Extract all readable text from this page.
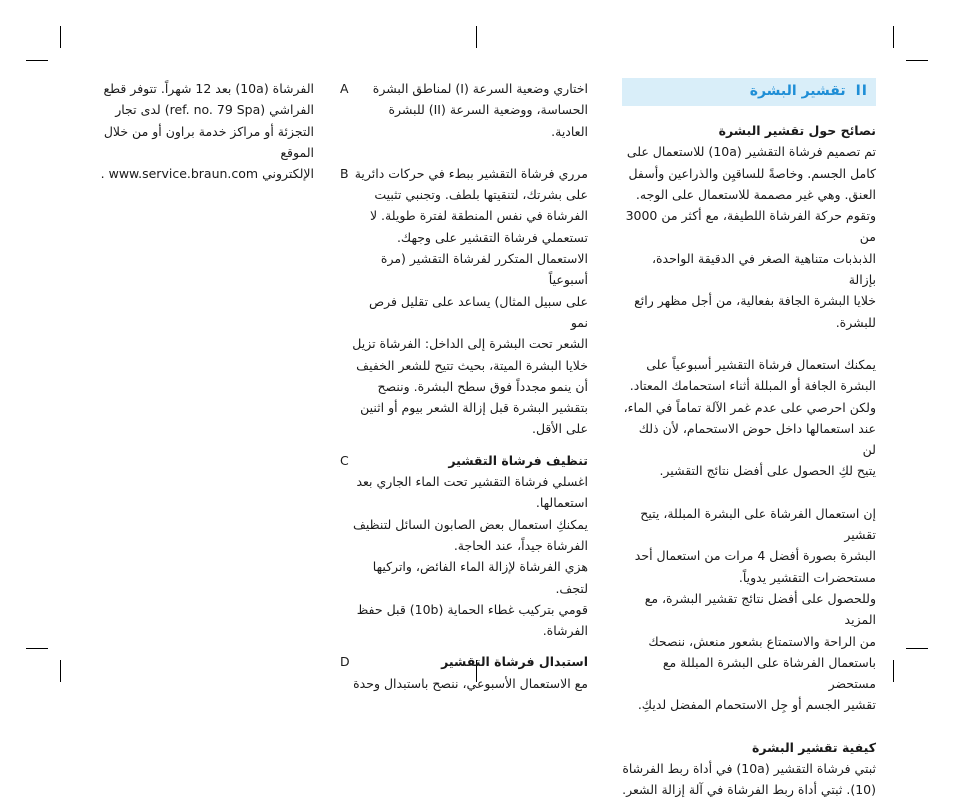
II
تقشير البشرة

نصائح حول تقشير البشرة

تم تصميم فرشاة التقشير (10a) للاستعمال على

كامل الجسم. وخاصةً للساقيِن والذراعين وأسفل

العنق. وهي غير مصممة للاستعمال على الوجه.

وتقوم حركة الفرشاة اللطيفة، مع أكثر من 3000 من

الذبذبات متناهية الصغر في الدقيقة الواحدة، بإزالة

خلايا البشرة الجافة بفعالية، من أجل مظهر رائع

للبشرة.

يمكنك استعمال فرشاة التقشير أسبوعياً على

البشرة الجافة أو المبللة أثناء استحمامك المعتاد.

ولكن احرصي على عدم غمر الآلة تماماً في الماء،

عند استعمالها داخل حوض الاستحمام، لأن ذلك لن

يتيح لكِ الحصول على أفضل نتائج التقشير.

إن استعمال الفرشاة على البشرة المبللة، يتيح تقشير

البشرة بصورة أفضل 4 مرات من استعمال أحد

مستحضرات التقشير يدوياً.

وللحصول على أفضل نتائج تقشير البشرة، مع المزيد

من الراحة والاستمتاع بشعور منعش، ننصحك

باستعمال الفرشاة على البشرة المبللة مع مستحضر

تقشير الجسم أو جِل الاستحمام المفضل لديكِ.

كيفية تقشير البشرة

ثبتي فرشاة التقشير (10a) في أداة ربط الفرشاة

(10). ثبتي أداة ربط الفرشاة في آلة إزالة الشعر.

A	اختاري وضعية السرعة (I) لمناطق البشرة

الحساسة، ووضعية السرعة (II) للبشرة العادية.

B مرري فرشاة التقشير ببطء في حركات دائرية

على بشرتك، لتنقيتها بلطف. وتجنبي تثبيت

الفرشاة في نفس المنطقة لفترة طويلة. لا

تستعملي فرشاة التقشير على وجهك.

الاستعمال المتكرر لفرشاة التقشير (مرة أسبوعياً

على سبيل المثال) يساعد على تقليل فرص نمو

الشعر تحت البشرة إلى الداخل: الفرشاة تزيل

خلايا البشرة الميتة، بحيث تتيح للشعر الخفيف

أن ينمو مجدداً فوق سطح البشرة. وننصح

بتقشير البشرة قبل إزالة الشعر بيوم أو اثنين

على الأقل.

C	تنظيف فرشاة التقشير

اغسلي فرشاة التقشير تحت الماء الجاري بعد

استعمالها.

يمكنكِ استعمال بعض الصابون السائل لتنظيف

الفرشاة جيداً، عند الحاجة.

هزي الفرشاة لإزالة الماء الفائض، واتركيها

لتجف.

قومي بتركيب غطاء الحماية (10b) قبل حفظ

الفرشاة.

D	استبدال فرشاة التقشير

مع الاستعمال الأسبوعي، ننصح باستبدال وحدة

الفرشاة (10a) بعد 12 شهراً. تتوفر قطع

الفراشي (ref. no. 79 Spa) لدى تجار

التجزئة أو مراكز خدمة براون أو من خلال الموقع

الإلكتروني www.service.braun.com .
